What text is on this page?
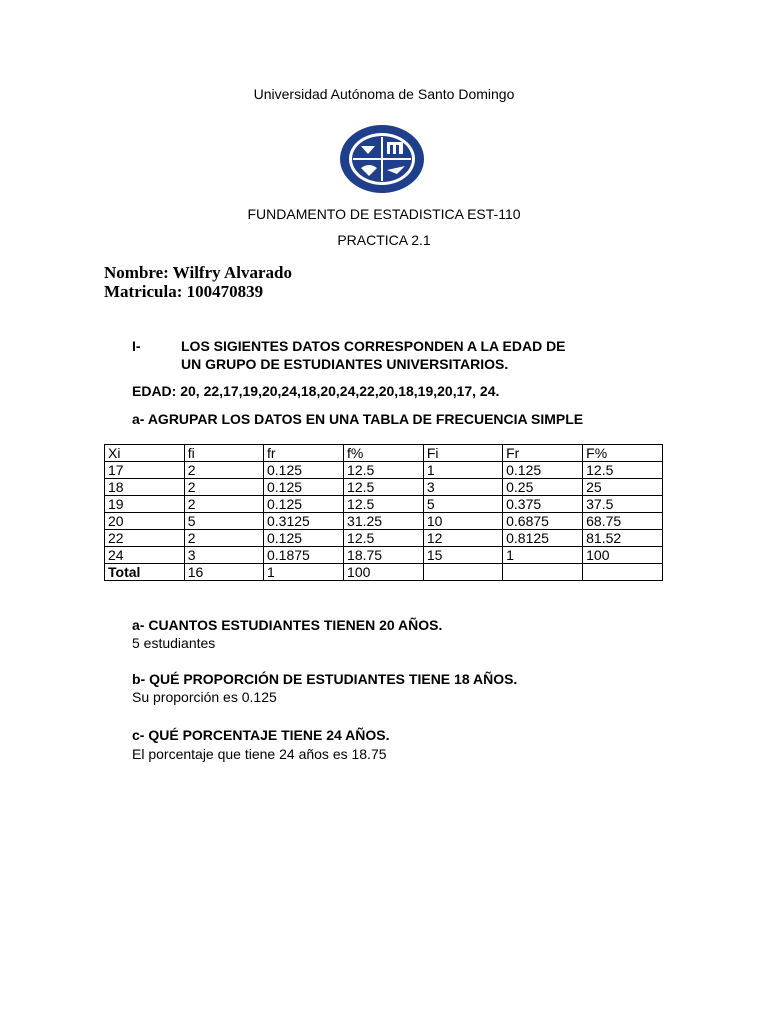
Universidad Autónoma de Santo Domingo
FUNDAMENTO DE ESTADISTICA EST-110
PRACTICA 2.1
Nombre: Wilfry Alvarado
Matricula: 100470839
I-	LOS SIGIENTES DATOS CORRESPONDEN A LA EDAD DE
UN GRUPO DE ESTUDIANTES UNIVERSITARIOS.
EDAD: 20, 22,17,19,20,24,18,20,24,22,20,18,19,20,17, 24.
a- AGRUPAR LOS DATOS EN UNA TABLA DE FRECUENCIA SIMPLE
Xi	fi	fr	f%	Fi	Fr	F%
17	2	0.125	12.5	1	0.125	12.5
18	2	0.125	12.5	3	0.25	25
19	2	0.125	12.5	5	0.375	37.5
20	5	0.3125	31.25	10	0.6875	68.75
22	2	0.125	12.5	12	0.8125	81.52
24	3	0.1875	18.75	15	1	100
Total	16	1	100			
a- CUANTOS ESTUDIANTES TIENEN 20 AÑOS.
5 estudiantes
b- QUÉ PROPORCIÓN DE ESTUDIANTES TIENE 18 AÑOS.
Su proporción es 0.125
c- QUÉ PORCENTAJE TIENE 24 AÑOS.
El porcentaje que tiene 24 años es 18.75
